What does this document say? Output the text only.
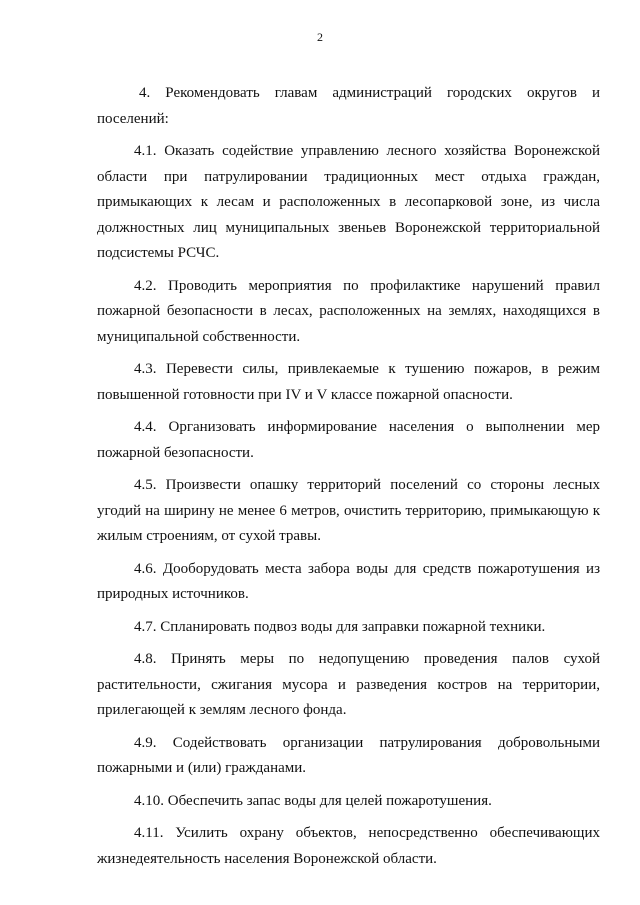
2

4. Рекомендовать главам администраций городских округов и поселений:

4.1. Оказать содействие управлению лесного хозяйства Воронежской области при патрулировании традиционных мест отдыха граждан, примыкающих к лесам и расположенных в лесопарковой зоне, из числа должностных лиц муниципальных звеньев Воронежской территориальной подсистемы РСЧС.

4.2. Проводить мероприятия по профилактике нарушений правил пожарной безопасности в лесах, расположенных на землях, находящихся в муниципальной собственности.

4.3. Перевести силы, привлекаемые к тушению пожаров, в режим повышенной готовности при IV и V классе пожарной опасности.

4.4. Организовать информирование населения о выполнении мер пожарной безопасности.

4.5. Произвести опашку территорий поселений со стороны лесных угодий на ширину не менее 6 метров, очистить территорию, примыкающую к жилым строениям, от сухой травы.

4.6. Дооборудовать места забора воды для средств пожаротушения из природных источников.

4.7. Спланировать подвоз воды для заправки пожарной техники.

4.8. Принять меры по недопущению проведения палов сухой растительности, сжигания мусора и разведения костров на территории, прилегающей к землям лесного фонда.

4.9. Содействовать организации патрулирования добровольными пожарными и (или) гражданами.

4.10. Обеспечить запас воды для целей пожаротушения.

4.11. Усилить охрану объектов, непосредственно обеспечивающих жизнедеятельность населения Воронежской области.
